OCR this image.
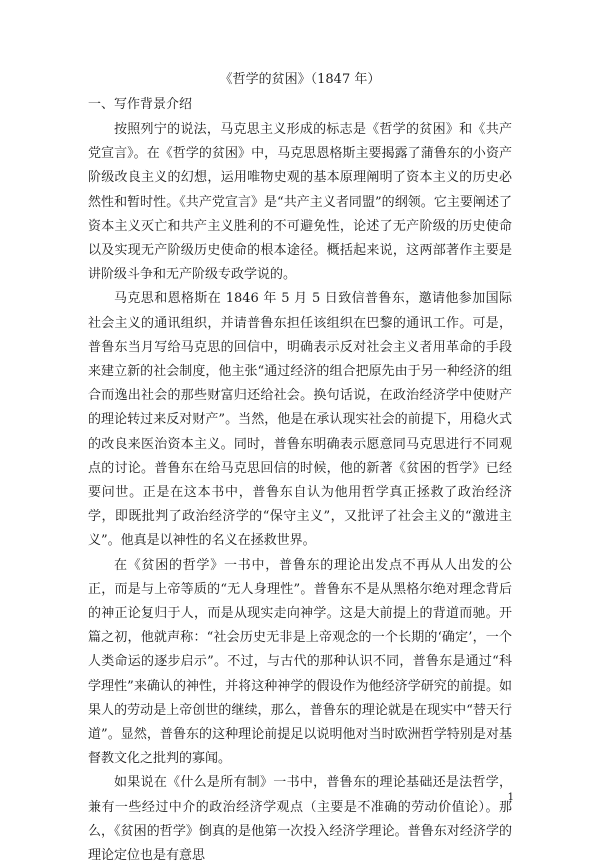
《哲学的贫困》（1847 年）
一、写作背景介绍

按照列宁的说法，马克思主义形成的标志是《哲学的贫困》和《共产党宣言》。在《哲学的贫困》中，马克思恩格斯主要揭露了蒲鲁东的小资产阶级改良主义的幻想，运用唯物史观的基本原理阐明了资本主义的历史必然性和暂时性。《共产党宣言》是“共产主义者同盟”的纲领。它主要阐述了资本主义灭亡和共产主义胜利的不可避免性，论述了无产阶级的历史使命以及实现无产阶级历史使命的根本途径。概括起来说，这两部著作主要是讲阶级斗争和无产阶级专政学说的。

马克思和恩格斯在 1846 年 5 月 5 日致信普鲁东，邀请他参加国际社会主义的通讯组织，并请普鲁东担任该组织在巴黎的通讯工作。可是，普鲁东当月写给马克思的回信中，明确表示反对社会主义者用革命的手段来建立新的社会制度，他主张“通过经济的组合把原先由于另一种经济的组合而逸出社会的那些财富归还给社会。换句话说，在政治经济学中使财产的理论转过来反对财产”。当然，他是在承认现实社会的前提下，用稳火式的改良来医治资本主义。同时，普鲁东明确表示愿意同马克思进行不同观点的讨论。普鲁东在给马克思回信的时候，他的新著《贫困的哲学》已经要问世。正是在这本书中，普鲁东自认为他用哲学真正拯救了政治经济学，即既批判了政治经济学的“保守主义”，又批评了社会主义的“激进主义”。他真是以神性的名义在拯救世界。

在《贫困的哲学》一书中，普鲁东的理论出发点不再从人出发的公正，而是与上帝等质的“无人身理性”。普鲁东不是从黑格尔绝对理念背后的神正论复归于人，而是从现实走向神学。这是大前提上的背道而驰。开篇之初，他就声称：“社会历史无非是上帝观念的一个长期的‘确定’，一个人类命运的逐步启示”。不过，与古代的那种认识不同，普鲁东是通过“科学理性”来确认的神性，并将这种神学的假设作为他经济学研究的前提。如果人的劳动是上帝创世的继续，那么，普鲁东的理论就是在现实中“替天行道”。显然，普鲁东的这种理论前提足以说明他对当时欧洲哲学特别是对基督教文化之批判的寡闻。

如果说在《什么是所有制》一书中，普鲁东的理论基础还是法哲学，兼有一些经过中介的政治经济学观点（主要是不准确的劳动价值论）。那么，《贫困的哲学》倒真的是他第一次投入经济学理论。普鲁东对经济学的理论定位也是有意思

1
